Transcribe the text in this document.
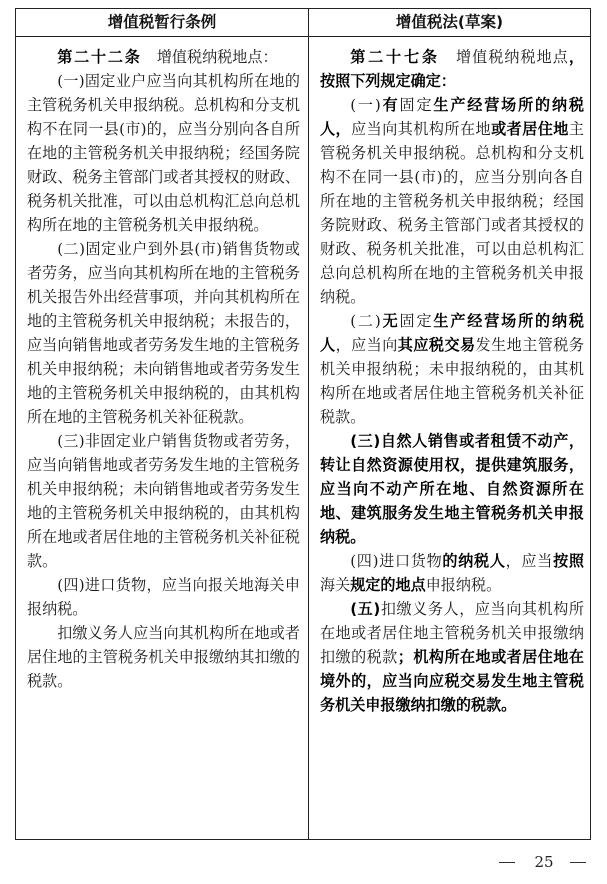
增值税暂行条例	增值税法(草案)

第二十二条　 增值税纳税地点：

(一)固定业户应当向其机构所在地的主管税务机关申报纳税。总机构和分支机构不在同一县(市)的，应当分别向各自所在地的主管税务机关申报纳税；经国务院财政、税务主管部门或者其授权的财政、税务机关批准，可以由总机构汇总向总机构所在地的主管税务机关申报纳税。

(二)固定业户到外县(市)销售货物或者劳务，应当向其机构所在地的主管税务机关报告外出经营事项，并向其机构所在地的主管税务机关申报纳税；未报告的，应当向销售地或者劳务发生地的主管税务机关申报纳税；未向销售地或者劳务发生地的主管税务机关申报纳税的，由其机构所在地的主管税务机关补征税款。

(三)非固定业户销售货物或者劳务，应当向销售地或者劳务发生地的主管税务机关申报纳税；未向销售地或者劳务发生地的主管税务机关申报纳税的，由其机构所在地或者居住地的主管税务机关补征税款。

(四)进口货物，应当向报关地海关申报纳税。

扣缴义务人应当向其机构所在地或者居住地的主管税务机关申报缴纳其扣缴的税款。

第二十七条　 增值税纳税地点，按照下列规定确定：

(一)有固定生产经营场所的纳税人，应当向其机构所在地或者居住地主管税务机关申报纳税。总机构和分支机构不在同一县(市)的，应当分别向各自所在地的主管税务机关申报纳税；经国务院财政、税务主管部门或者其授权的财政、税务机关批准，可以由总机构汇总向总机构所在地的主管税务机关申报纳税。

(二)无固定生产经营场所的纳税人，应当向其应税交易发生地主管税务机关申报纳税；未申报纳税的，由其机构所在地或者居住地主管税务机关补征税款。

(三)自然人销售或者租赁不动产，转让自然资源使用权，提供建筑服务，应当向不动产所在地、自然资源所在地、建筑服务发生地主管税务机关申报纳税。

(四)进口货物的纳税人，应当按照海关规定的地点申报纳税。

(五)扣缴义务人，应当向其机构所在地或者居住地主管税务机关申报缴纳扣缴的税款；机构所在地或者居住地在境外的，应当向应税交易发生地主管税务机关申报缴纳扣缴的税款。

25
